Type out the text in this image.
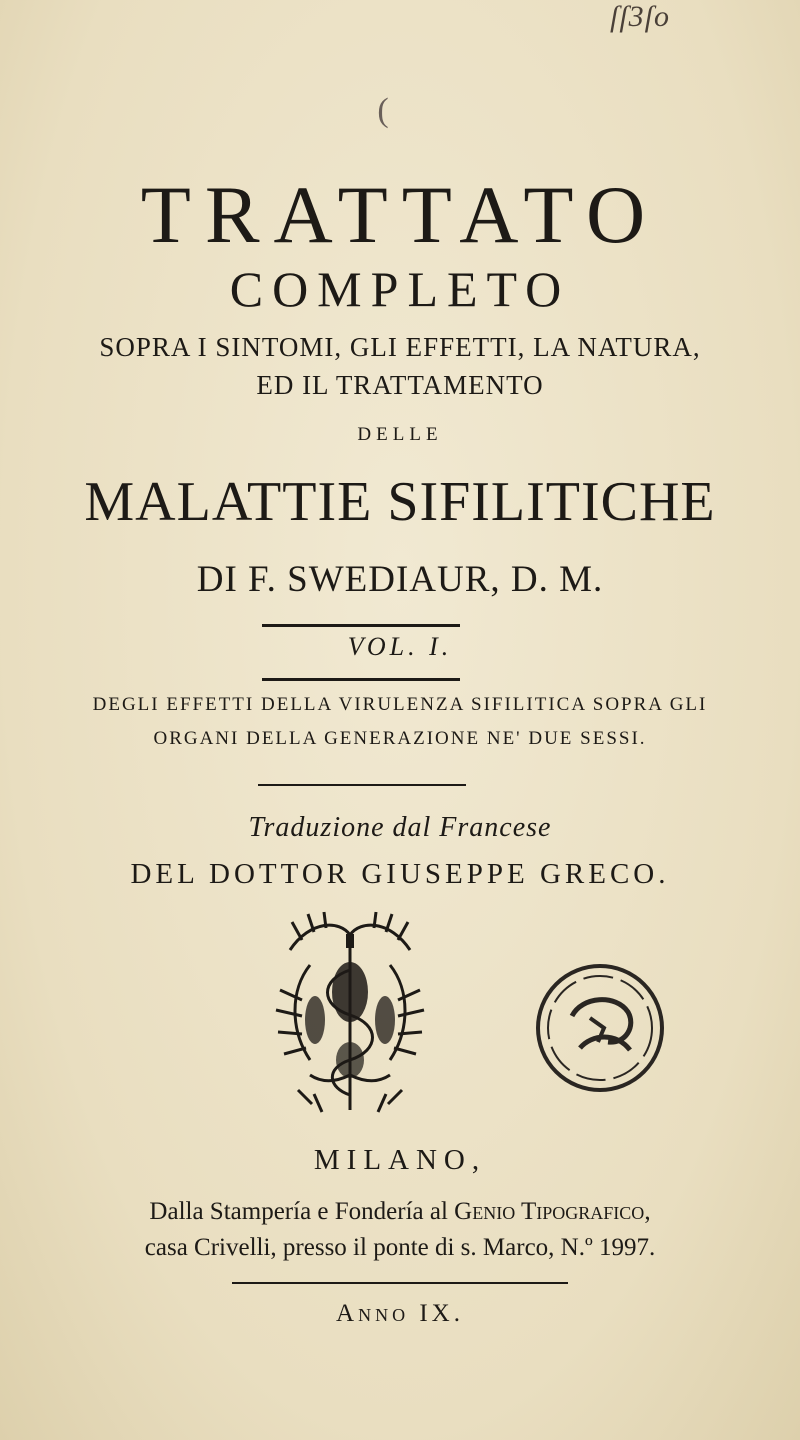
ſſ3ſo
(
TRATTATO
COMPLETO
SOPRA I SINTOMI, GLI EFFETTI, LA NATURA,
ED IL TRATTAMENTO
DELLE
MALATTIE SIFILITICHE
DI F. SWEDIAUR, D. M.
VOL. I.
DEGLI EFFETTI DELLA VIRULENZA SIFILITICA SOPRA GLI
ORGANI DELLA GENERAZIONE NE' DUE SESSI.
Traduzione dal Francese
DEL DOTTOR GIUSEPPE GRECO.
MILANO,
Dalla Stampería e Fondería al Genio Tipografico,
casa Crivelli, presso il ponte di s. Marco, N.º 1997.
Anno IX.
